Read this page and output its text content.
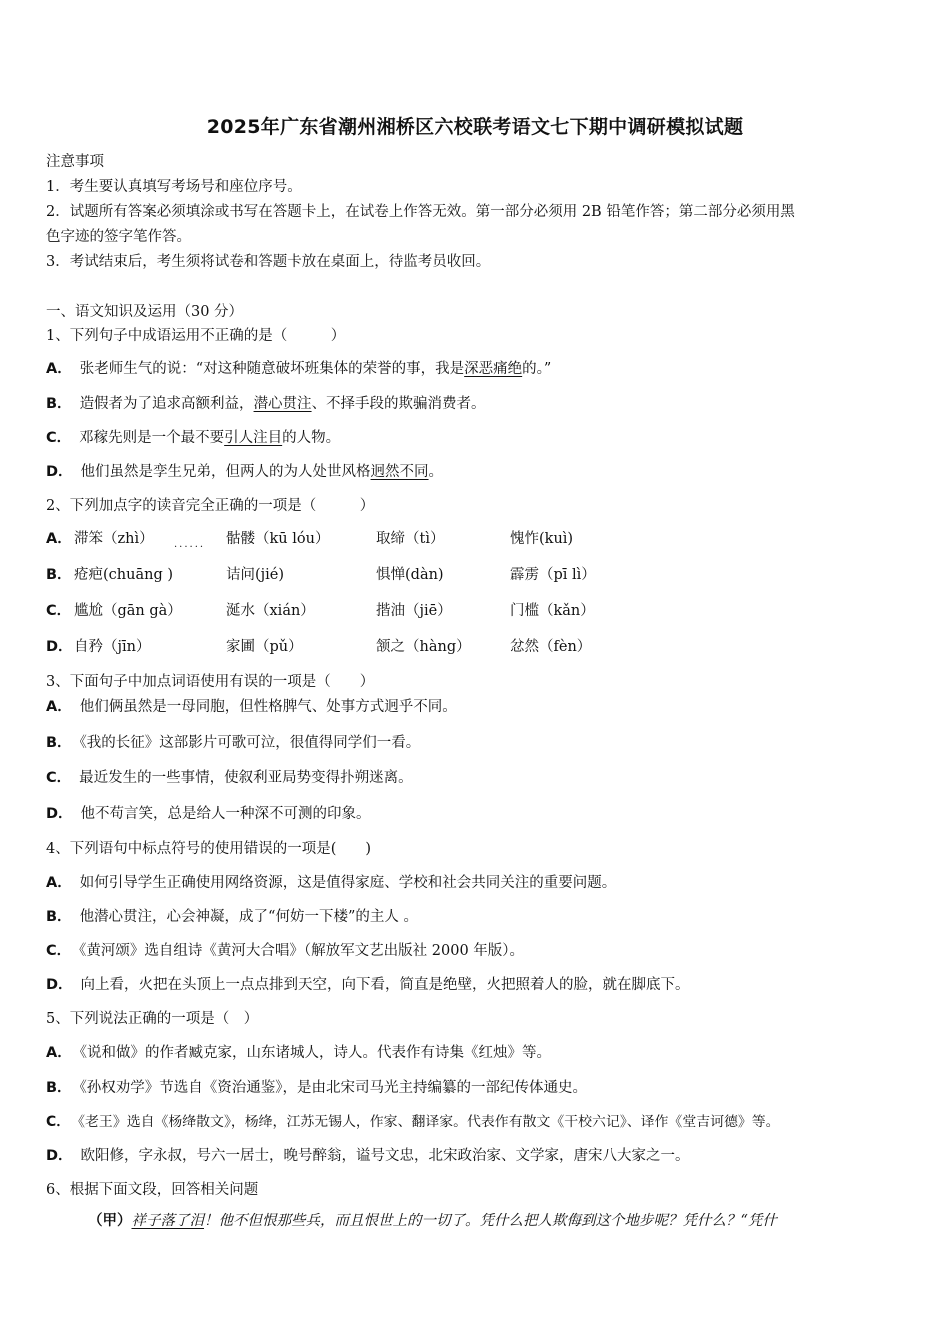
2025年广东省潮州湘桥区六校联考语文七下期中调研模拟试题
注意事项
1．考生要认真填写考场号和座位序号。
2．试题所有答案必须填涂或书写在答题卡上，在试卷上作答无效。第一部分必须用 2B 铅笔作答；第二部分必须用黑
色字迹的签字笔作答。
3．考试结束后，考生须将试卷和答题卡放在桌面上，待监考员收回。
一、语文知识及运用（30 分）
1、下列句子中成语运用不正确的是（　　　）
A． 张老师生气的说：“对这种随意破坏班集体的荣誉的事，我是深恶痛绝的。”
B． 造假者为了追求高额利益，潜心贯注、不择手段的欺骗消费者。
C． 邓稼先则是一个最不要引人注目的人物。
D． 他们虽然是孪生兄弟，但两人的为人处世风格迥然不同。
2、下列加点字的读音完全正确的一项是（　　　）
A． 滞笨（zhì）	骷髅（kū lóu）	取缔（tì）	愧怍(kuì)
......
B． 疮疤(chuāng )	诘问(jié)	惧惮(dàn)	霹雳（pī lì）
C． 尴尬（gān gà）	涎水（xián）	揩油（jiē）	门槛（kǎn）
D． 自矜（jīn）	家圃（pǔ）	颔之（hàng）	忿然（fèn）
3、下面句子中加点词语使用有误的一项是（　　）
A． 他们俩虽然是一母同胞，但性格脾气、处事方式迥乎不同。
B． 《我的长征》这部影片可歌可泣，很值得同学们一看。
C． 最近发生的一些事情，使叙利亚局势变得扑朔迷离。
D． 他不苟言笑，总是给人一种深不可测的印象。
4、下列语句中标点符号的使用错误的一项是(　　)
A． 如何引导学生正确使用网络资源，这是值得家庭、学校和社会共同关注的重要问题。
B． 他潜心贯注，心会神凝，成了“何妨一下楼”的主人 。
C． 《黄河颂》选自组诗《黄河大合唱》（解放军文艺出版社 2000 年版）。
D． 向上看，火把在头顶上一点点排到天空，向下看，简直是绝壁，火把照着人的脸，就在脚底下。
5、下列说法正确的一项是（　）
A． 《说和做》的作者臧克家，山东诸城人，诗人。代表作有诗集《红烛》等。
B． 《孙权劝学》节选自《资治通鉴》，是由北宋司马光主持编纂的一部纪传体通史。
C． 《老王》选自《杨绛散文》，杨绛，江苏无锡人，作家、翻译家。代表作有散文《干校六记》、译作《堂吉诃德》等。
D． 欧阳修，字永叔，号六一居士，晚号醉翁，谥号文忠，北宋政治家、文学家，唐宋八大家之一。
6、根据下面文段，回答相关问题
（甲）祥子落了泪！他不但恨那些兵，而且恨世上的一切了。凭什么把人欺侮到这个地步呢？凭什么？“凭什
